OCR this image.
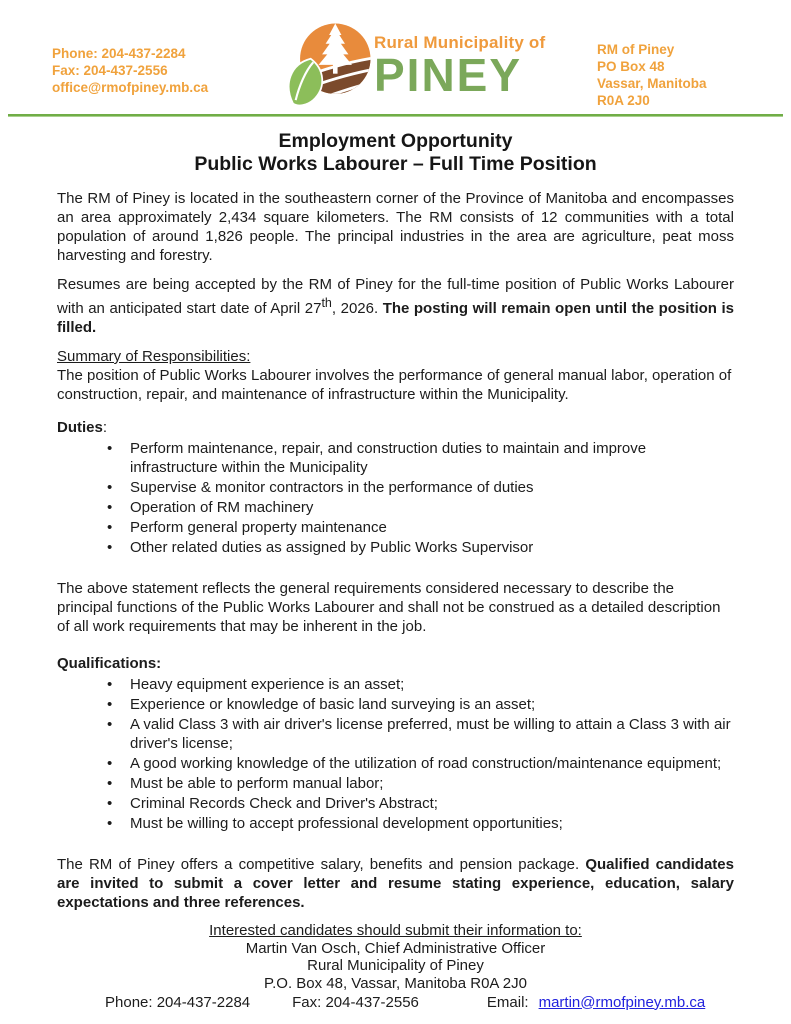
Phone: 204-437-2284
Fax: 204-437-2556
office@rmofpiney.mb.ca
Rural Municipality of
PINEY	RM of Piney
PO Box 48
Vassar, Manitoba
R0A 2J0
Employment Opportunity
Public Works Labourer – Full Time Position

The RM of Piney is located in the southeastern corner of the Province of Manitoba and encompasses an area approximately 2,434 square kilometers. The RM consists of 12 communities with a total population of around 1,826 people. The principal industries in the area are agriculture, peat moss harvesting and forestry.

Resumes are being accepted by the RM of Piney for the full-time position of Public Works Labourer with an anticipated start date of April 27th, 2026. The posting will remain open until the position is filled.

Summary of Responsibilities:
The position of Public Works Labourer involves the performance of general manual labor, operation of construction, repair, and maintenance of infrastructure within the Municipality.

Duties:
• Perform maintenance, repair, and construction duties to maintain and improve infrastructure within the Municipality
• Supervise & monitor contractors in the performance of duties
• Operation of RM machinery
• Perform general property maintenance
• Other related duties as assigned by Public Works Supervisor

The above statement reflects the general requirements considered necessary to describe the principal functions of the Public Works Labourer and shall not be construed as a detailed description of all work requirements that may be inherent in the job.

Qualifications:
• Heavy equipment experience is an asset;
• Experience or knowledge of basic land surveying is an asset;
• A valid Class 3 with air driver's license preferred, must be willing to attain a Class 3 with air driver's license;
• A good working knowledge of the utilization of road construction/maintenance equipment;
• Must be able to perform manual labor;
• Criminal Records Check and Driver's Abstract;
• Must be willing to accept professional development opportunities;

The RM of Piney offers a competitive salary, benefits and pension package. Qualified candidates are invited to submit a cover letter and resume stating experience, education, salary expectations and three references.

Interested candidates should submit their information to:
Martin Van Osch, Chief Administrative Officer
Rural Municipality of Piney
P.O. Box 48, Vassar, Manitoba R0A 2J0
Phone: 204-437-2284	Fax: 204-437-2556	Email: martin@rmofpiney.mb.ca
